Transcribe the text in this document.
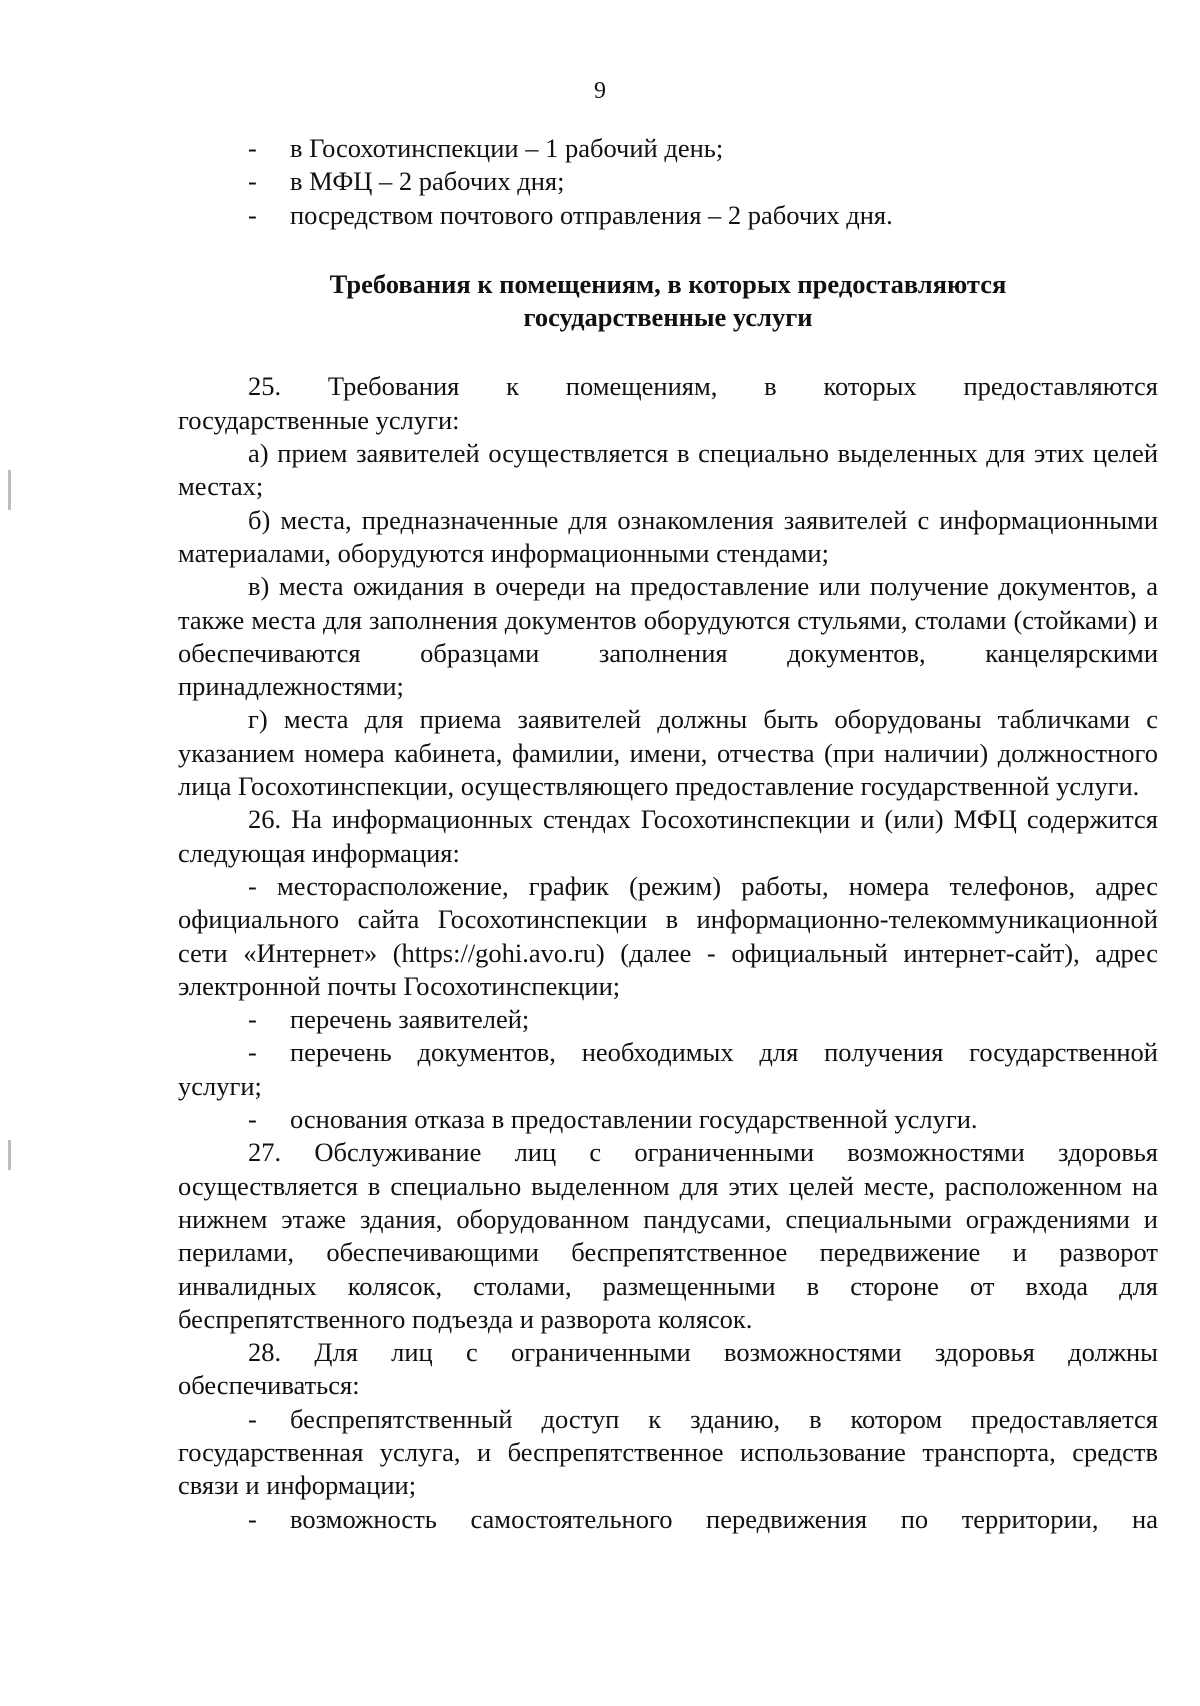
9
-	в Госохотинспекции – 1 рабочий день;
-	в МФЦ – 2 рабочих дня;
-	посредством почтового отправления – 2 рабочих дня.
Требования к помещениям, в которых предоставляются
государственные услуги

25. Требования к помещениям, в которых предоставляются

государственные услуги:

а) прием заявителей осуществляется в специально выделенных для этих целей местах;

б) места, предназначенные для ознакомления заявителей с информационными материалами, оборудуются информационными стендами;

в) места ожидания в очереди на предоставление или получение документов, а также места для заполнения документов оборудуются стульями, столами (стойками) и обеспечиваются образцами заполнения документов, канцелярскими принадлежностями;

г) места для приема заявителей должны быть оборудованы табличками с указанием номера кабинета, фамилии, имени, отчества (при наличии) должностного лица Госохотинспекции, осуществляющего предоставление государственной услуги.

26. На информационных стендах Госохотинспекции и (или) МФЦ содержится следующая информация:

- месторасположение, график (режим) работы, номера телефонов, адрес официального сайта Госохотинспекции в информационно-телекоммуникационной сети «Интернет» (https://gohi.avo.ru) (далее - официальный интернет-сайт), адрес электронной почты Госохотинспекции;

-	перечень заявителей;
-	перечень документов, необходимых для получения государственной

услуги;

-	основания отказа в предоставлении государственной услуги.

27. Обслуживание лиц с ограниченными возможностями здоровья осуществляется в специально выделенном для этих целей месте, расположенном на нижнем этаже здания, оборудованном пандусами, специальными ограждениями и перилами, обеспечивающими беспрепятственное передвижение и разворот инвалидных колясок, столами, размещенными в стороне от входа для беспрепятственного подъезда и разворота колясок.

28. Для лиц с ограниченными возможностями здоровья должны обеспечиваться:

-	беспрепятственный доступ к зданию, в котором предоставляется

государственная услуга, и беспрепятственное использование транспорта, средств связи и информации;

-	возможность самостоятельного передвижения по территории, на
